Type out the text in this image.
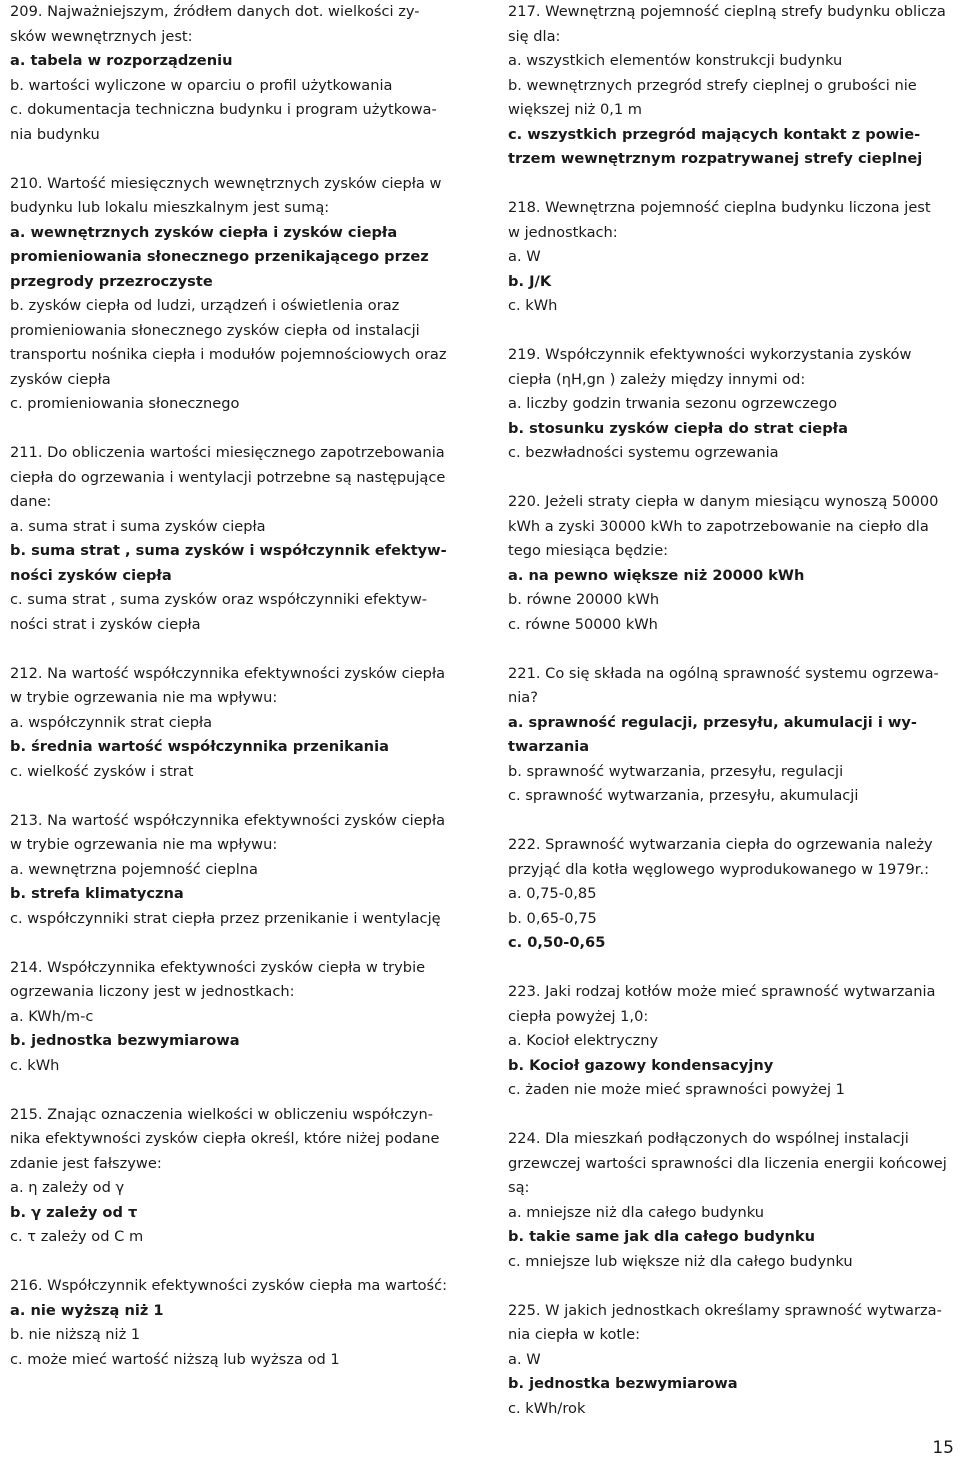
209. Najważniejszym, źródłem danych dot. wielkości zy-
sków wewnętrznych jest:
a. tabela w rozporządzeniu
b. wartości wyliczone w oparciu o profil użytkowania
c. dokumentacja techniczna budynku i program użytkowa-
nia budynku
210. Wartość miesięcznych wewnętrznych zysków ciepła w
budynku lub lokalu mieszkalnym jest sumą:
a. wewnętrznych zysków ciepła i zysków ciepła
promieniowania słonecznego przenikającego przez
przegrody przezroczyste
b. zysków ciepła od ludzi, urządzeń i oświetlenia oraz
promieniowania słonecznego zysków ciepła od instalacji
transportu nośnika ciepła i modułów pojemnościowych oraz
zysków ciepła
c. promieniowania słonecznego
211. Do obliczenia wartości miesięcznego zapotrzebowania
ciepła do ogrzewania i wentylacji potrzebne są następujące
dane:
a. suma strat i suma zysków ciepła
b. suma strat , suma zysków i współczynnik efektyw-
ności zysków ciepła
c. suma strat , suma zysków oraz współczynniki efektyw-
ności strat i zysków ciepła
212. Na wartość współczynnika efektywności zysków ciepła
w trybie ogrzewania nie ma wpływu:
a. współczynnik strat ciepła
b. średnia wartość współczynnika przenikania
c. wielkość zysków i strat
213. Na wartość współczynnika efektywności zysków ciepła
w trybie ogrzewania nie ma wpływu:
a. wewnętrzna pojemność cieplna
b. strefa klimatyczna
c. współczynniki strat ciepła przez przenikanie i wentylację
214. Współczynnika efektywności zysków ciepła w trybie
ogrzewania liczony jest w jednostkach:
a. KWh/m-c
b. jednostka bezwymiarowa
c. kWh
215. Znając oznaczenia wielkości w obliczeniu współczyn-
nika efektywności zysków ciepła określ, które niżej podane
zdanie jest fałszywe:
a. η zależy od γ
b. γ zależy od τ
c. τ zależy od C m
216. Współczynnik efektywności zysków ciepła ma wartość:
a. nie wyższą niż 1
b. nie niższą niż 1
c. może mieć wartość niższą lub wyższa od 1
217. Wewnętrzną pojemność cieplną strefy budynku oblicza
się dla:
a. wszystkich elementów konstrukcji budynku
b. wewnętrznych przegród strefy cieplnej o grubości nie
większej niż 0,1 m
c. wszystkich przegród mających kontakt z powie-
trzem wewnętrznym rozpatrywanej strefy cieplnej
218. Wewnętrzna pojemność cieplna budynku liczona jest
w jednostkach:
a. W
b. J/K
c. kWh
219. Współczynnik efektywności wykorzystania zysków
ciepła (ηH,gn ) zależy między innymi od:
a. liczby godzin trwania sezonu ogrzewczego
b. stosunku zysków ciepła do strat ciepła
c. bezwładności systemu ogrzewania
220. Jeżeli straty ciepła w danym miesiącu wynoszą 50000
kWh a zyski 30000 kWh to zapotrzebowanie na ciepło dla
tego miesiąca będzie:
a. na pewno większe niż 20000 kWh
b. równe 20000 kWh
c. równe 50000 kWh
221. Co się składa na ogólną sprawność systemu ogrzewa-
nia?
a. sprawność regulacji, przesyłu, akumulacji i wy-
twarzania
b. sprawność wytwarzania, przesyłu, regulacji
c. sprawność wytwarzania, przesyłu, akumulacji
222. Sprawność wytwarzania ciepła do ogrzewania należy
przyjąć dla kotła węglowego wyprodukowanego w 1979r.:
a. 0,75-0,85
b. 0,65-0,75
c. 0,50-0,65
223. Jaki rodzaj kotłów może mieć sprawność wytwarzania
ciepła powyżej 1,0:
a. Kocioł elektryczny
b. Kocioł gazowy kondensacyjny
c. żaden nie może mieć sprawności powyżej 1
224. Dla mieszkań podłączonych do wspólnej instalacji
grzewczej wartości sprawności dla liczenia energii końcowej
są:
a. mniejsze niż dla całego budynku
b. takie same jak dla całego budynku
c. mniejsze lub większe niż dla całego budynku
225. W jakich jednostkach określamy sprawność wytwarza-
nia ciepła w kotle:
a. W
b. jednostka bezwymiarowa
c. kWh/rok
15
